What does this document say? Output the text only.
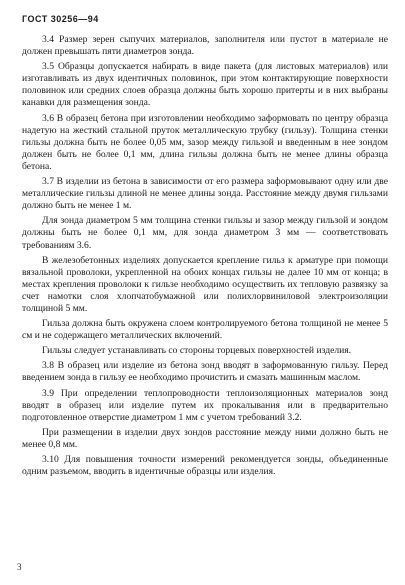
ГОСТ 30256—94

3.4 Размер зерен сыпучих материалов, заполнителя или пустот в материале не должен превышать пяти диаметров зонда.

3.5 Образцы допускается набирать в виде пакета (для листовых материалов) или изготавливать из двух идентичных половинок, при этом контактирующие поверхности половинок или средних слоев образца должны быть хорошо притерты и в них выбраны канавки для размещения зонда.

3.6 В образец бетона при изготовлении необходимо заформовать по центру образца надетую на жесткий стальной пруток металлическую трубку (гильзу). Толщина стенки гильзы должна быть не более 0,05 мм, зазор между гильзой и введенным в нее зондом должен быть не более 0,1 мм, длина гильзы должна быть не менее длины образца бетона.

3.7 В изделии из бетона в зависимости от его размера заформовывают одну или две металлические гильзы длиной не менее длины зонда. Расстояние между двумя гильзами должно быть не менее 1 м.

Для зонда диаметром 5 мм толщина стенки гильзы и зазор между гильзой и зондом должны быть не более 0,1 мм, для зонда диаметром 3 мм — соответствовать требованиям 3.6.

В железобетонных изделиях допускается крепление гильз к арматуре при помощи вязальной проволоки, укрепленной на обоих концах гильзы не далее 10 мм от конца; в местах крепления проволоки к гильзе необходимо осуществить их тепловую развязку за счет намотки слоя хлопчатобумажной или полихлорвиниловой электроизоляции толщиной 5 мм.

Гильза должна быть окружена слоем контролируемого бетона толщиной не менее 5 см и не содержащего металлических включений.

Гильзы следует устанавливать со стороны торцевых поверхностей изделия.

3.8 В образец или изделие из бетона зонд вводят в заформованную гильзу. Перед введением зонда в гильзу ее необходимо прочистить и смазать машинным маслом.

3.9 При определении теплопроводности теплоизоляционных материалов зонд вводят в образец или изделие путем их прокалывания или в предварительно подготовленное отверстие диаметром 1 мм с учетом требований 3.2.

При размещении в изделии двух зондов расстояние между ними должно быть не менее 0,8 мм.

3.10 Для повышения точности измерений рекомендуется зонды, объединенные одним разъемом, вводить в идентичные образцы или изделия.

3
